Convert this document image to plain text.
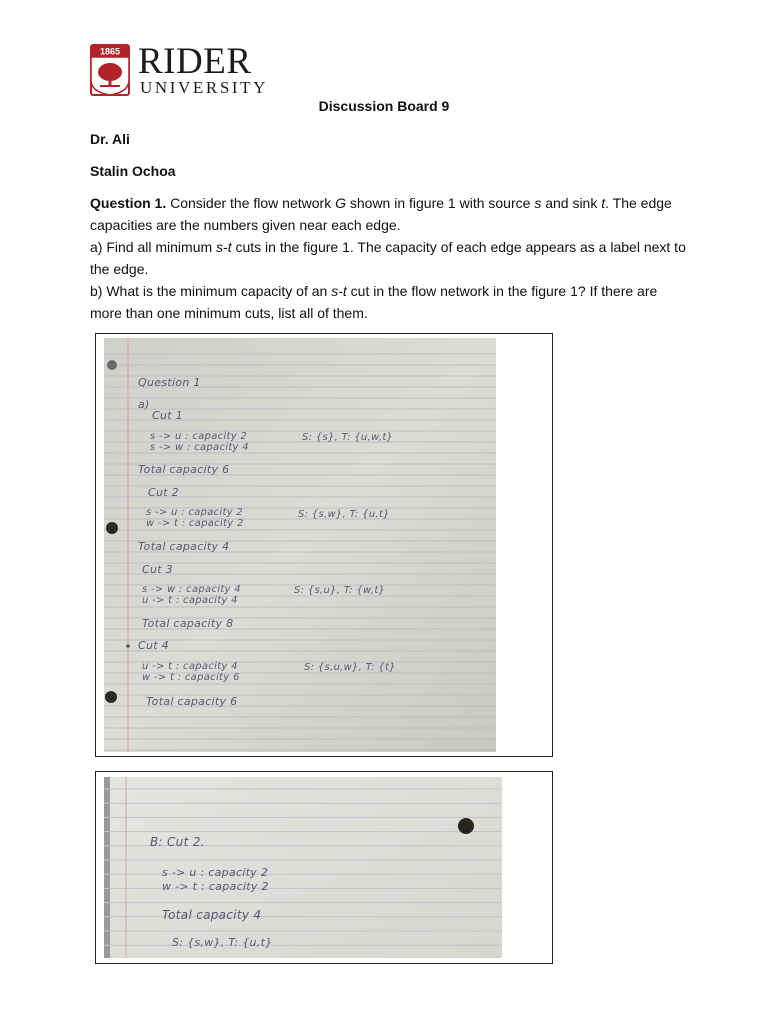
1865 RIDER
UNIVERSITY
Discussion Board 9
Dr. Ali
Stalin Ochoa

Question 1. Consider the flow network G shown in figure 1 with source s and sink t. The edge capacities are the numbers given near each edge.

a) Find all minimum s-t cuts in the figure 1. The capacity of each edge appears as a label next to the edge.

b) What is the minimum capacity of an s-t cut in the flow network in the figure 1? If there are more than one minimum cuts, list all of them.

Question 1
a)
Cut 1
s -> u : capacity 2
s -> w : capacity 4
S: {s}, T: {u,w,t}
Total capacity 6
Cut 2
s -> u : capacity 2
w -> t : capacity 2
S: {s,w}, T: {u,t}
Total capacity 4
Cut 3
s -> w : capacity 4
u -> t : capacity 4
S: {s,u}, T: {w,t}
Total capacity 8
Cut 4
u -> t : capacity 4
w -> t : capacity 6
S: {s,u,w}, T: {t}
Total capacity 6
B: Cut 2.
s -> u : capacity 2
w -> t : capacity 2
Total capacity 4
S: {s,w}, T: {u,t}
